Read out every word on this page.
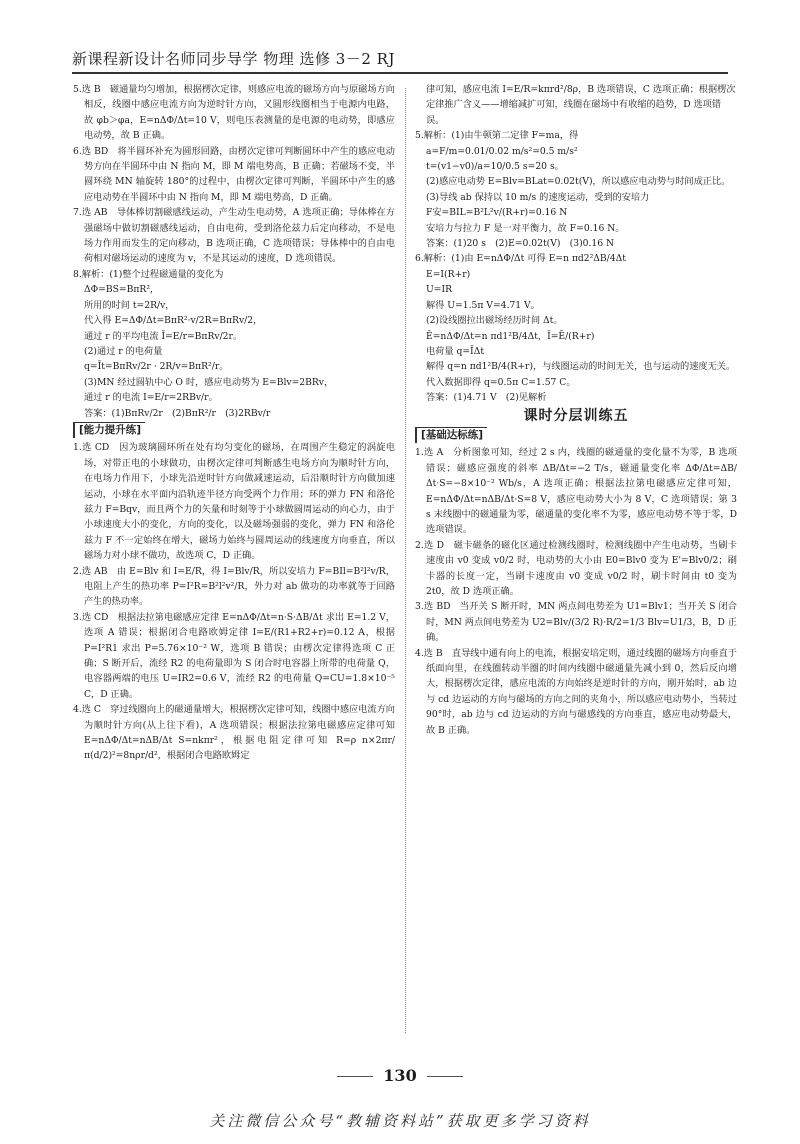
新课程新设计名师同步导学 物理 选修 3－2 RJ

5.选 B　磁通量均匀增加，根据楞次定律，则感应电流的磁场方向与原磁场方向相反，线圈中感应电流方向为逆时针方向，又圆形线圈相当于电源内电路，故 φb＞φa，E=nΔΦ/Δt=10 V，则电压表测量的是电源的电动势，即感应电动势，故 B 正确。

6.选 BD　将半圆环补充为圆形回路，由楞次定律可判断圆环中产生的感应电动势方向在半圆环中由 N 指向 M，即 M 端电势高，B 正确；若磁场不变，半圆环绕 MN 轴旋转 180°的过程中，由楞次定律可判断，半圆环中产生的感应电动势在半圆环中由 N 指向 M，即 M 端电势高，D 正确。

7.选 AB　导体棒切割磁感线运动，产生动生电动势，A 选项正确；导体棒在方强磁场中做切割磁感线运动，自由电荷，受到洛伦兹力后定向移动，不是电场力作用而发生的定向移动，B 选项正确，C 选项错误；导体棒中的自由电荷相对磁场运动的速度为 v，不是其运动的速度，D 选项错误。

8.解析：(1)整个过程磁通量的变化为

ΔΦ=BS=BπR²，

所用的时间 t=2R/v，

代入得 E=ΔΦ/Δt=BπR²·v/2R=BπRv/2，

通过 r 的平均电流 Ī=E/r=BπRv/2r。

(2)通过 r 的电荷量

q=Īt=BπRv/2r · 2R/v=BπR²/r。

(3)MN 经过圆轨中心 O 时，感应电动势为 E=Blv=2BRv，

通过 r 的电流 I=E/r=2RBv/r。

答案：(1)BπRv/2r　(2)BπR²/r　(3)2RBv/r

[能力提升练]

1.选 CD　因为玻璃圆环所在处有均匀变化的磁场，在周围产生稳定的涡旋电场，对带正电的小球做功，由楞次定律可判断感生电场方向为顺时针方向，在电场力作用下，小球先沿逆时针方向做减速运动，后沿顺时针方向做加速运动，小球在水平面内沿轨迹半径方向受两个力作用；环的弹力 FN 和洛伦兹力 F=Bqv，而且两个力的矢量和时刻等于小球做圆周运动的向心力，由于小球速度大小的变化，方向的变化，以及磁场强弱的变化，弹力 FN 和洛伦兹力 F 不一定始终在增大，磁场力始终与圆周运动的线速度方向垂直，所以磁场力对小球不做功，故选项 C，D 正确。

2.选 AB　由 E=Blv 和 I=E/R，得 I=Blv/R，所以安培力 F=BIl=B²l²v/R，电阻上产生的热功率 P=I²R=B²l²v²/R，外力对 ab 做功的功率就等于回路产生的热功率。

3.选 CD　根据法拉第电磁感应定律 E=nΔΦ/Δt=n·S·ΔB/Δt 求出 E=1.2 V，选项 A 错误；根据闭合电路欧姆定律 I=E/(R1+R2+r)=0.12 A，根据 P=I²R1 求出 P=5.76×10⁻² W，选项 B 错误；由楞次定律得选项 C 正确；S 断开后，流经 R2 的电荷量即为 S 闭合时电容器上所带的电荷量 Q，电容器两端的电压 U=IR2=0.6 V，流经 R2 的电荷量 Q=CU=1.8×10⁻⁵ C，D 正确。

4.选 C　穿过线圈向上的磁通量增大，根据楞次定律可知，线圈中感应电流方向为顺时针方向(从上往下看)，A 选项错误；根据法拉第电磁感应定律可知 E=nΔΦ/Δt=nΔB/Δt S=nkπr²，根据电阻定律可知 R=ρ n×2πr/π(d/2)²=8nρr/d²，根据闭合电路欧姆定

律可知，感应电流 I=E/R=kπrd²/8ρ，B 选项错误，C 选项正确；根据楞次定律推广含义——增缩减扩可知，线圈在磁场中有收缩的趋势，D 选项错误。

5.解析：(1)由牛顿第二定律 F=ma，得

a=F/m=0.01/0.02 m/s²=0.5 m/s²

t=(v1−v0)/a=10/0.5 s=20 s。

(2)感应电动势 E=Blv=BLat=0.02t(V)，所以感应电动势与时间成正比。

(3)导线 ab 保持以 10 m/s 的速度运动，受到的安培力

F安=BIL=B²L²v/(R+r)=0.16 N

安培力与拉力 F 是一对平衡力，故 F=0.16 N。

答案：(1)20 s　(2)E=0.02t(V)　(3)0.16 N

6.解析：(1)由 E=nΔΦ/Δt 可得 E=n πd2²ΔB/4Δt

E=I(R+r)

U=IR

解得 U=1.5π V=4.71 V。

(2)设线圈拉出磁场经历时间 Δt。

Ē=nΔΦ/Δt=n πd1²B/4Δt，Ī=Ē/(R+r)

电荷量 q=ĪΔt

解得 q=n πd1²B/4(R+r)，与线圈运动的时间无关，也与运动的速度无关。

代入数据即得 q=0.5π C=1.57 C。

答案：(1)4.71 V　(2)见解析

课时分层训练五
[基础达标练]

1.选 A　分析图象可知，经过 2 s 内，线圈的磁通量的变化量不为零，B 选项错误；磁感应强度的斜率 ΔB/Δt=−2 T/s，磁通量变化率 ΔΦ/Δt=ΔB/Δt·S=−8×10⁻² Wb/s，A 选项正确；根据法拉第电磁感应定律可知，E=nΔΦ/Δt=nΔB/Δt·S=8 V，感应电动势大小为 8 V，C 选项错误；第 3 s 末线圈中的磁通量为零，磁通量的变化率不为零，感应电动势不等于零，D 选项错误。

2.选 D　磁卡磁条的磁化区通过检测线圈时，检测线圈中产生电动势，当刷卡速度由 v0 变成 v0/2 时，电动势的大小由 E0=Blv0 变为 E'=Blv0/2；刷卡器的长度一定，当刷卡速度由 v0 变成 v0/2 时，刷卡时间由 t0 变为 2t0，故 D 选项正确。

3.选 BD　当开关 S 断开时，MN 两点间电势差为 U1=Blv1；当开关 S 闭合时，MN 两点间电势差为 U2=Blv/(3/2 R)·R/2=1/3 Blv=U1/3，B，D 正确。

4.选 B　直导线中通有向上的电流，根据安培定则，通过线圈的磁场方向垂直于纸面向里，在线圈转动半圈的时间内线圈中磁通量先减小到 0，然后反向增大，根据楞次定律，感应电流的方向始终是逆时针的方向，刚开始时，ab 边与 cd 边运动的方向与磁场的方向之间的夹角小，所以感应电动势小，当转过 90°时，ab 边与 cd 边运动的方向与磁感线的方向垂直，感应电动势最大，故 B 正确。

130
关注微信公众号“教辅资料站”获取更多学习资料
